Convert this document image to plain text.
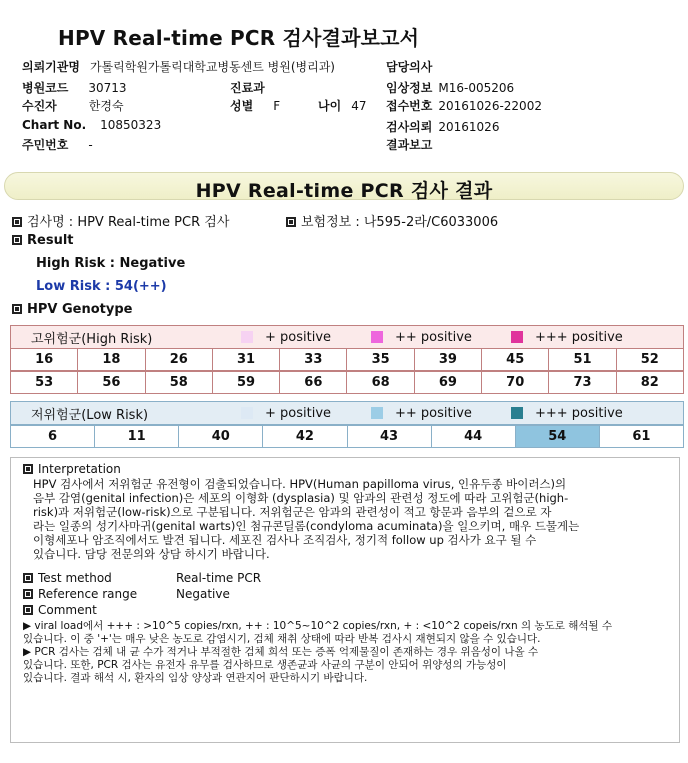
HPV Real-time PCR 검사결과보고서
의뢰기관명 가톨릭학원가톨릭대학교병동센트 병원(병리과)
병원코드 30713
수진자	한경숙
Chart No. 10850323
주민번호 -
진료과
성별 F	나이 47
담당의사
임상정보 M16-005206
접수번호 20161026-22002
검사의뢰 20161026
결과보고
HPV Real-time PCR 검사 결과
검사명 : HPV Real-time PCR 검사	보험정보 : 나595-2라/C6033006
Result
High Risk : Negative
Low Risk : 54(++)
HPV Genotype
고위험군(High Risk)	+ positive	++ positive	+++ positive
16	18	26	31	33	35	39	45	51	52
53	56	58	59	66	68	69	70	73	82
저위험군(Low Risk)	+ positive	++ positive	+++ positive
6	11	40	42	43	44	54	61
Interpretation
HPV 검사에서 저위험군 유전형이 검출되었습니다. HPV(Human papilloma virus, 인유두종 바이러스)의
음부 감염(genital infection)은 세포의 이형화 (dysplasia) 및 암과의 관련성 정도에 따라 고위험군(high-
risk)과 저위험군(low-risk)으로 구분됩니다. 저위험군은 암과의 관련성이 적고 항문과 음부의 겉으로 자
라는 일종의 성기사마귀(genital warts)인 첨규콘딜롬(condyloma acuminata)을 일으키며, 매우 드물게는
이형세포나 암조직에서도 발견 됩니다. 세포진 검사나 조직검사, 정기적 follow up 검사가 요구 될 수
있습니다. 담당 전문의와 상담 하시기 바랍니다.
Test method	Real-time PCR
Reference range	Negative
Comment
▶ viral load에서 +++ : >10^5 copies/rxn, ++ : 10^5~10^2 copies/rxn, + : <10^2 copeis/rxn 의 농도로 해석될 수
있습니다. 이 중 '+'는 매우 낮은 농도로 감염시기, 검체 채취 상태에 따라 반복 검사시 재현되지 않을 수 있습니다.
▶ PCR 검사는 검체 내 균 수가 적거나 부적절한 검체 희석 또는 증폭 억제물질이 존재하는 경우 위음성이 나올 수
있습니다. 또한, PCR 검사는 유전자 유무를 검사하므로 생존균과 사균의 구분이 안되어 위양성의 가능성이
있습니다. 결과 해석 시, 환자의 임상 양상과 연관지어 판단하시기 바랍니다.
